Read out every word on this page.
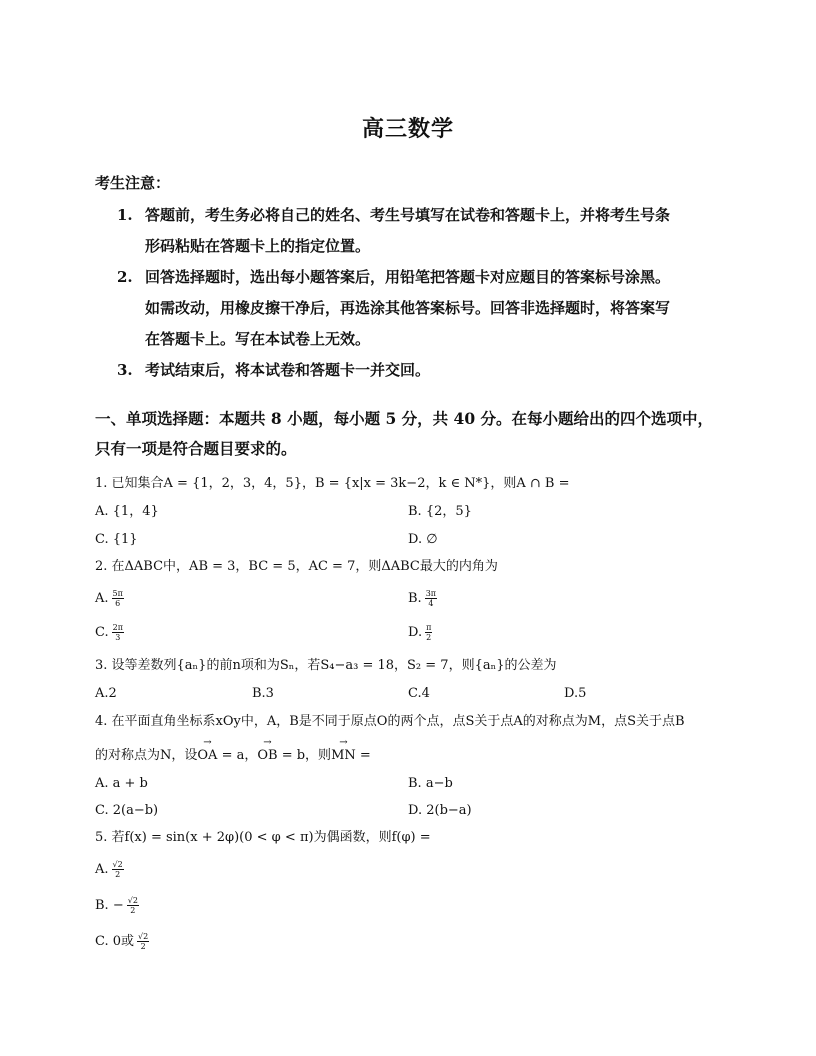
高三数学
考生注意：
1. 答题前，考生务必将自己的姓名、考生号填写在试卷和答题卡上，并将考生号条
形码粘贴在答题卡上的指定位置。
2. 回答选择题时，选出每小题答案后，用铅笔把答题卡对应题目的答案标号涂黑。
如需改动，用橡皮擦干净后，再选涂其他答案标号。回答非选择题时，将答案写
在答题卡上。写在本试卷上无效。
3. 考试结束后，将本试卷和答题卡一并交回。
一、单项选择题：本题共 8 小题，每小题 5 分，共 40 分。在每小题给出的四个选项中，
只有一项是符合题目要求的。
1. 已知集合A = {1，2，3，4，5}，B = {x|x = 3k−2，k ∈ N*}，则A ∩ B =
A. {1，4}	B. {2，5}
C. {1}	D. ∅
2. 在ΔABC中，AB = 3，BC = 5，AC = 7，则ΔABC最大的内角为
A. $\frac{5\pi}{6}$	B. $\frac{3\pi}{4}$
C. $\frac{2\pi}{3}$	D. $\frac{\pi}{2}$
3. 设等差数列{aₙ}的前n项和为Sₙ，若S₄−a₃ = 18，S₂ = 7，则{aₙ}的公差为
A.2	B.3	C.4	D.5
4. 在平面直角坐标系xOy中，A，B是不同于原点O的两个点，点S关于点A的对称点为M，点S关于点B
的对称点为N，设→ OA = a，→ OB = b，则→ MN =
A. a + b	B. a−b
C. 2(a−b)	D. 2(b−a)
5. 若f(x) = sin(x + 2φ)(0 < φ < π)为偶函数，则f(φ) =
A. $\frac{√2}{2}$
B. − $\frac{√2}{2}$
C. 0或 $\frac{√2}{2}$
